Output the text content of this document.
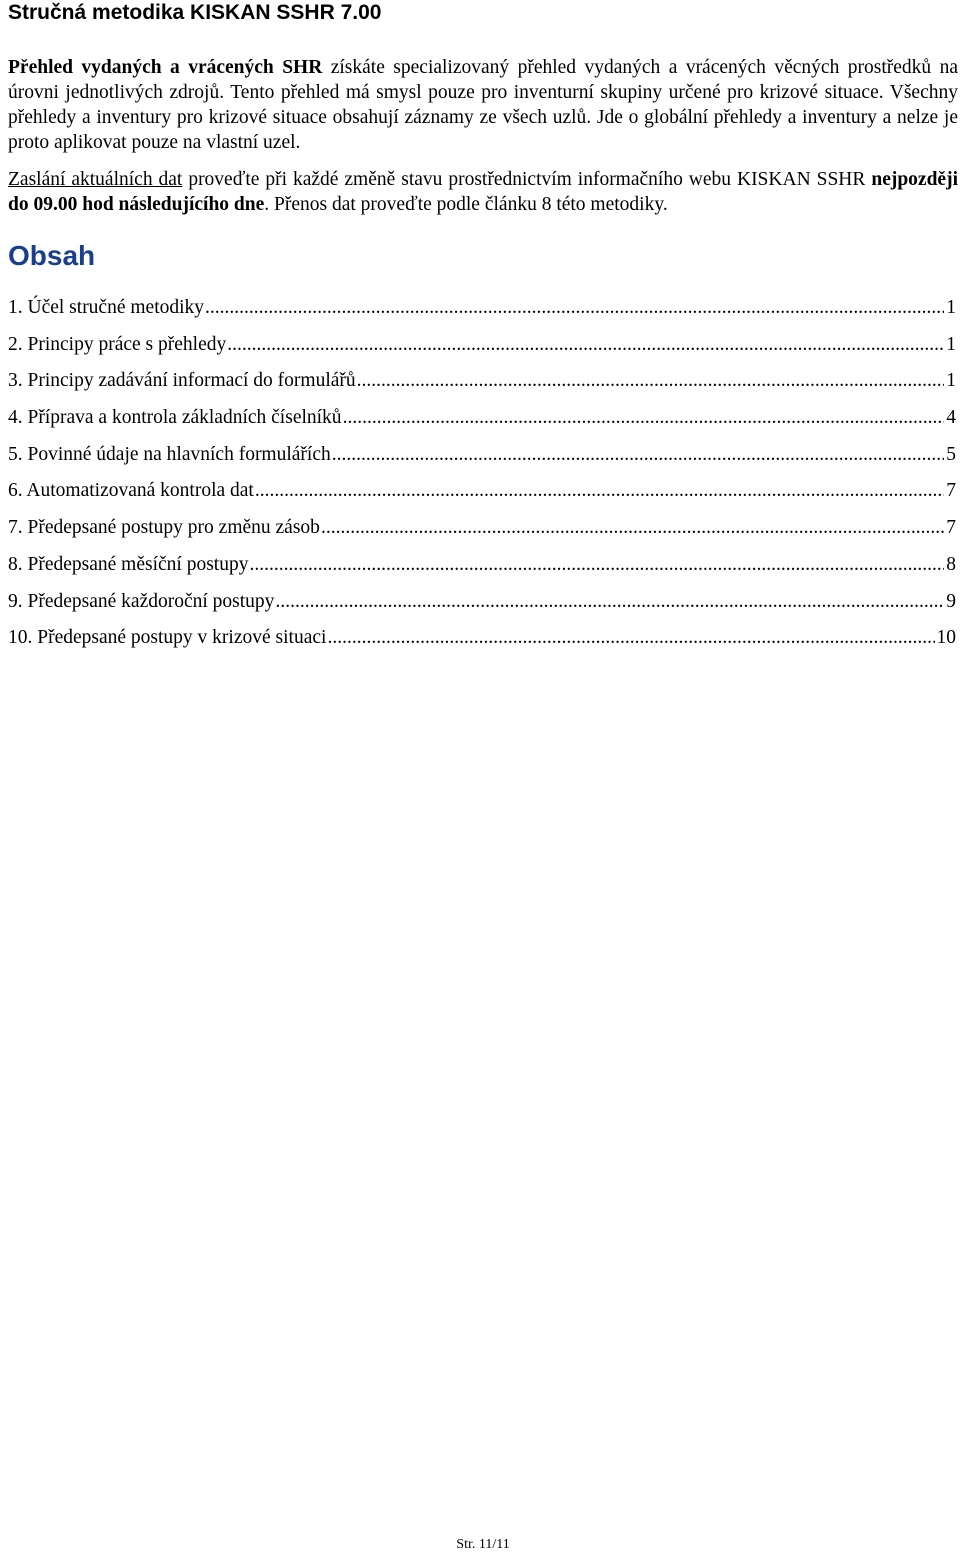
Stručná metodika KISKAN SSHR 7.00

Přehled vydaných a vrácených SHR získáte specializovaný přehled vydaných a vrácených věcných prostředků na úrovni jednotlivých zdrojů. Tento přehled má smysl pouze pro inventurní skupiny určené pro krizové situace. Všechny přehledy a inventury pro krizové situace obsahují záznamy ze všech uzlů. Jde o globální přehledy a inventury a nelze je proto aplikovat pouze na vlastní uzel.

Zaslání aktuálních dat proveďte při každé změně stavu prostřednictvím informačního webu KISKAN SSHR nejpozději do 09.00 hod následujícího dne. Přenos dat proveďte podle článku 8 této metodiky.

Obsah
1. Účel stručné metodiky .....	1
2. Principy práce s přehledy .....	1
3. Principy zadávání informací do formulářů .....	1
4. Příprava a kontrola základních číselníků .....	4
5. Povinné údaje na hlavních formulářích .....	5
6. Automatizovaná kontrola dat .....	7
7. Předepsané postupy pro změnu zásob .....	7
8. Předepsané měsíční postupy .....	8
9. Předepsané každoroční postupy .....	9
10. Předepsané postupy v krizové situaci .....	10
Str. 11/11
